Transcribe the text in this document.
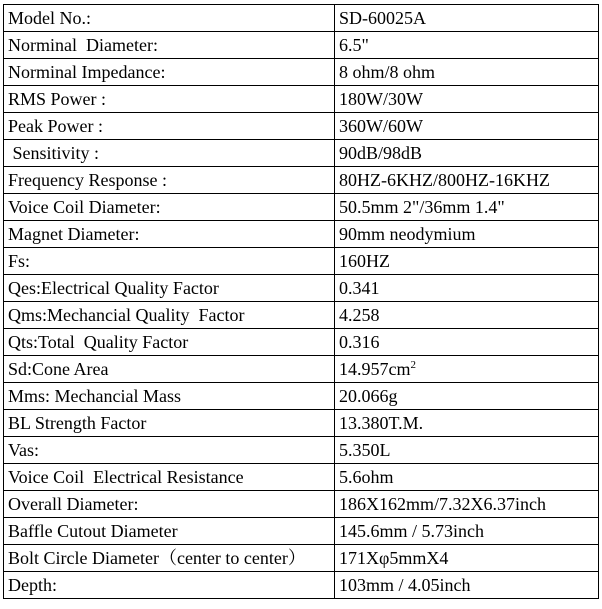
Model No.:	SD-60025A
Norminal  Diameter:	6.5"
Norminal Impedance:	8 ohm/8 ohm
RMS Power :	180W/30W
Peak Power :	360W/60W
Sensitivity :	90dB/98dB
Frequency Response :	80HZ-6KHZ/800HZ-16KHZ
Voice Coil Diameter:	50.5mm 2"/36mm 1.4"
Magnet Diameter:	90mm neodymium
Fs:	160HZ
Qes:Electrical Quality Factor	0.341
Qms:Mechancial Quality  Factor	4.258
Qts:Total  Quality Factor	0.316
Sd:Cone Area	$14.957cm^2$
Mms: Mechancial Mass	20.066g
BL Strength Factor	13.380T.M.
Vas:	5.350L
Voice Coil  Electrical Resistance	5.6ohm
Overall Diameter:	186X162mm/7.32X6.37inch
Baffle Cutout Diameter	145.6mm / 5.73inch
Bolt Circle Diameter（center to center）	171Xφ5mmX4
Depth:	103mm / 4.05inch
